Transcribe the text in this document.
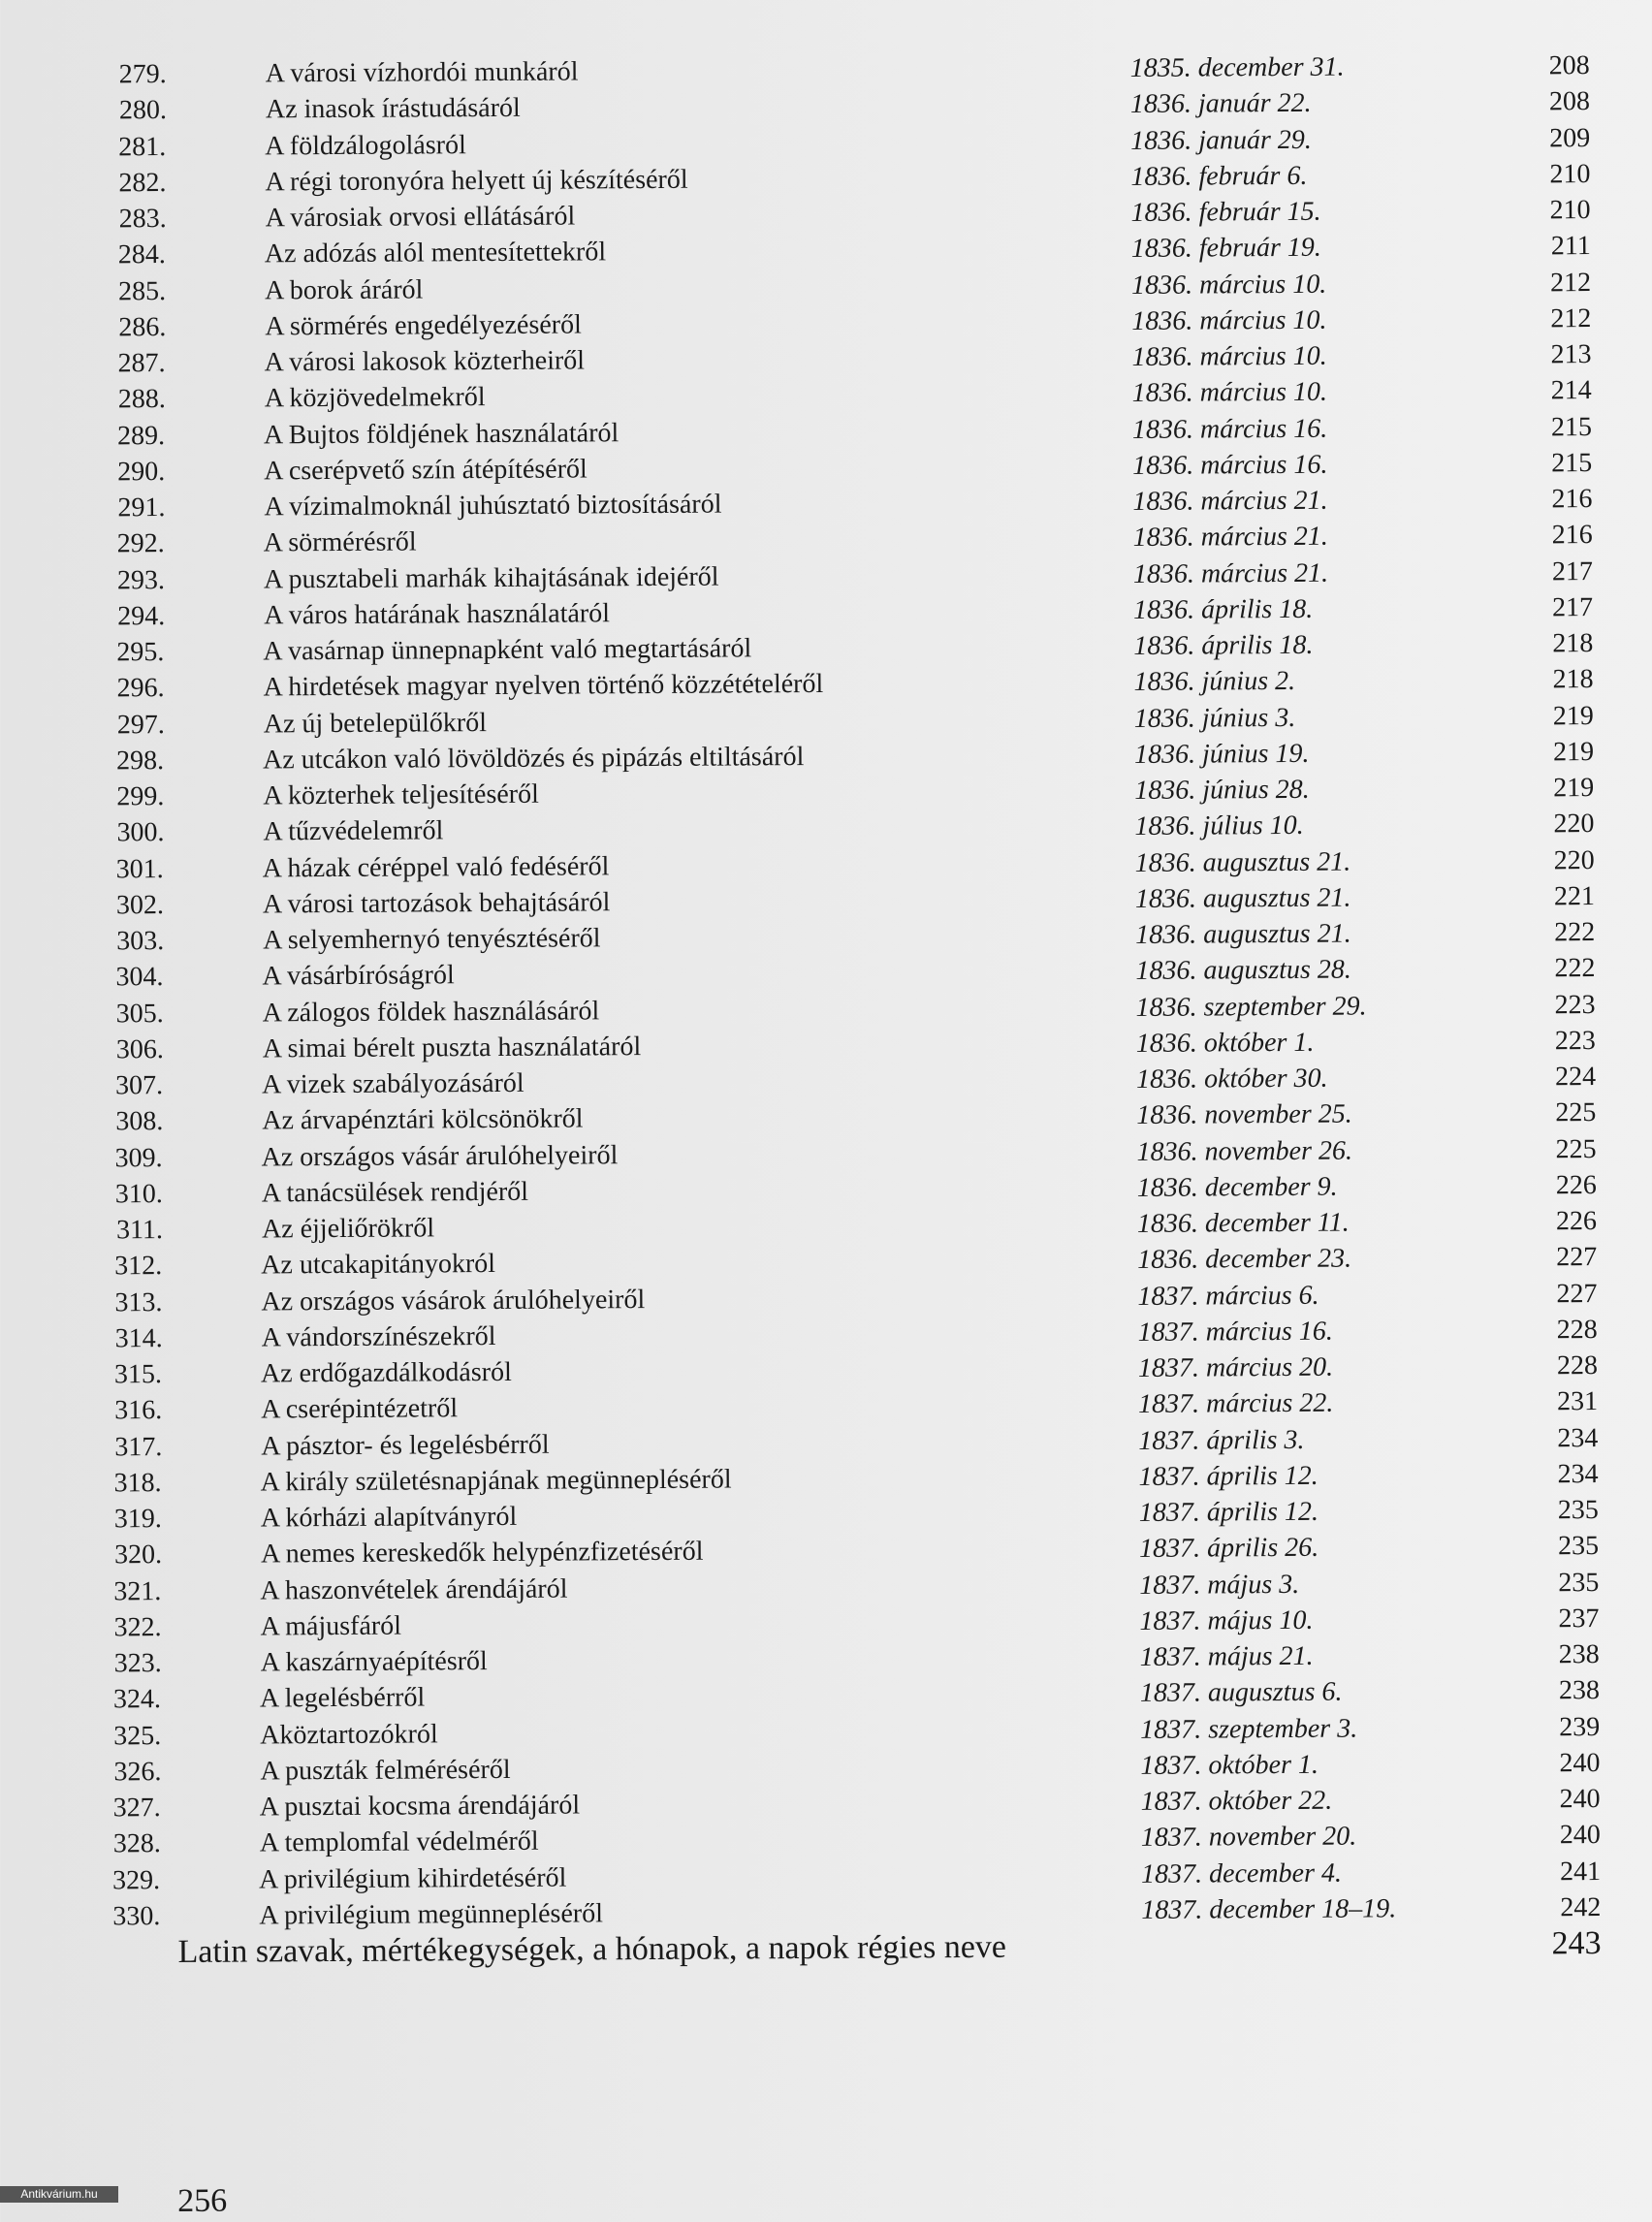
279.	A városi vízhordói munkáról	1835. december 31.	208
280.	Az inasok írástudásáról	1836. január 22.	208
281.	A földzálogolásról	1836. január 29.	209
282.	A régi toronyóra helyett új készítéséről	1836. február 6.	210
283.	A városiak orvosi ellátásáról	1836. február 15.	210
284.	Az adózás alól mentesítettekről	1836. február 19.	211
285.	A borok áráról	1836. március 10.	212
286.	A sörmérés engedélyezéséről	1836. március 10.	212
287.	A városi lakosok közterheiről	1836. március 10.	213
288.	A közjövedelmekről	1836. március 10.	214
289.	A Bujtos földjének használatáról	1836. március 16.	215
290.	A cserépvető szín átépítéséről	1836. március 16.	215
291.	A vízimalmoknál juhúsztató biztosításáról	1836. március 21.	216
292.	A sörmérésről	1836. március 21.	216
293.	A pusztabeli marhák kihajtásának idejéről	1836. március 21.	217
294.	A város határának használatáról	1836. április 18.	217
295.	A vasárnap ünnepnapként való megtartásáról	1836. április 18.	218
296.	A hirdetések magyar nyelven történő közzétételéről	1836. június 2.	218
297.	Az új betelepülőkről	1836. június 3.	219
298.	Az utcákon való lövöldözés és pipázás eltiltásáról	1836. június 19.	219
299.	A közterhek teljesítéséről	1836. június 28.	219
300.	A tűzvédelemről	1836. július 10.	220
301.	A házak céréppel való fedéséről	1836. augusztus 21.	220
302.	A városi tartozások behajtásáról	1836. augusztus 21.	221
303.	A selyemhernyó tenyésztéséről	1836. augusztus 21.	222
304.	A vásárbíróságról	1836. augusztus 28.	222
305.	A zálogos földek használásáról	1836. szeptember 29.	223
306.	A simai bérelt puszta használatáról	1836. október 1.	223
307.	A vizek szabályozásáról	1836. október 30.	224
308.	Az árvapénztári kölcsönökről	1836. november 25.	225
309.	Az országos vásár árulóhelyeiről	1836. november 26.	225
310.	A tanácsülések rendjéről	1836. december 9.	226
311.	Az éjjeliőrökről	1836. december 11.	226
312.	Az utcakapitányokról	1836. december 23.	227
313.	Az országos vásárok árulóhelyeiről	1837. március 6.	227
314.	A vándorszínészekről	1837. március 16.	228
315.	Az erdőgazdálkodásról	1837. március 20.	228
316.	A cserépintézetről	1837. március 22.	231
317.	A pásztor- és legelésbérről	1837. április 3.	234
318.	A király születésnapjának megünnepléséről	1837. április 12.	234
319.	A kórházi alapítványról	1837. április 12.	235
320.	A nemes kereskedők helypénzfizetéséről	1837. április 26.	235
321.	A haszonvételek árendájáról	1837. május 3.	235
322.	A májusfáról	1837. május 10.	237
323.	A kaszárnyaépítésről	1837. május 21.	238
324.	A legelésbérről	1837. augusztus 6.	238
325.	Aköztartozókról	1837. szeptember 3.	239
326.	A puszták felméréséről	1837. október 1.	240
327.	A pusztai kocsma árendájáról	1837. október 22.	240
328.	A templomfal védelméről	1837. november 20.	240
329.	A privilégium kihirdetéséről	1837. december 4.	241
330.	A privilégium megünnepléséről	1837. december 18–19.	242
Latin szavak, mértékegységek, a hónapok, a napok régies neve	243
256
Antikvárium.hu
